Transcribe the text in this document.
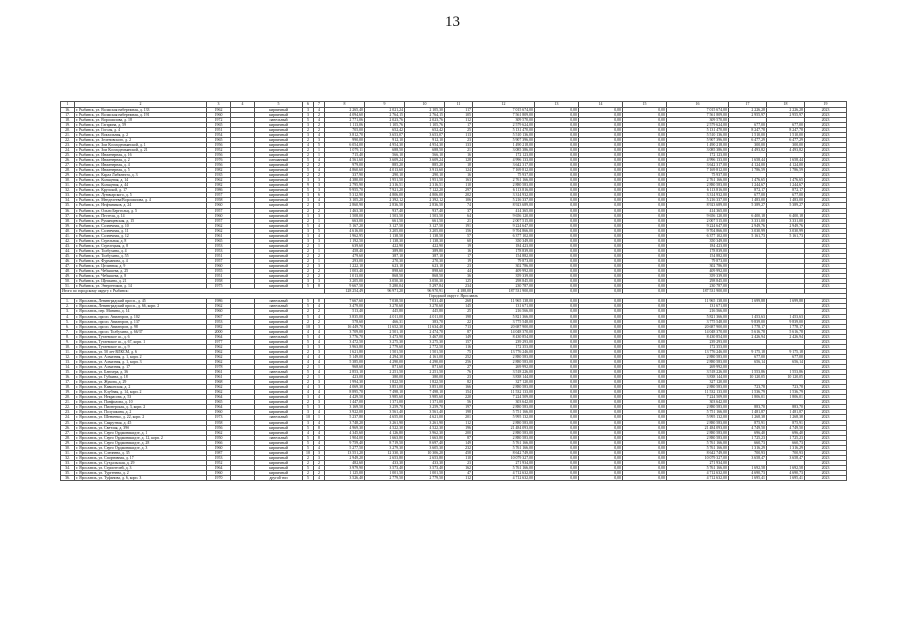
13
1	2	3	4	5	6	7	8	9	10	11	12	13	14	15	16	17	18	19
16.	г. Рыбинск, ул. Волжская набережная, д. 133	1962		кирпичный	3	4	2 265,40	2 021,24	2 105,30	117	7 015 674,00	0,00	0,00	0,00	7 015 674,00	2 226,28	2 226,28	2023
17.	г. Рыбинск, ул. Волжская набережная, д. 191	1960		кирпичный	3	2	4 094,60	2 764,15	2 764,15	105	7 561 809,00	0,00	0,00	0,00	7 561 809,00	2 955,97	2 955,97	2023
18.	г. Рыбинск, ул. Ворошилова, д. 18	1972		панельный	5	4	2 771,06	2 023,76	2 023,76	112	309 570,00	0,00	0,00	0,00	309 570,00			2023
19.	г. Рыбинск, ул. Гагарина, д. 59	1965		кирпичный	3	2	1 113,06	1 105,76	1 105,76	17	2 579 624,00	0,00	0,00	0,00	2 579 624,00	677,00	677,00	2023
20.	г. Рыбинск, ул. Гоголя, д. 4	1951		кирпичный	2	2	705,00	652,42	652,42	25	5 131 470,00	0,00	0,00	0,00	5 131 470,00	8 247,78	8 247,78	2023
21.	г. Рыбинск, ул. Вокзальная, д. 2	1954		кирпичный	3	4	3 812,70	3 653,07	3 653,07	113	5 510 136,00	0,00	0,00	0,00	5 510 136,00	1 510,00	1 510,00	2023
22.	г. Рыбинск, ул. Зеленовского, д. 2	1965		кирпичный	2	3	990,00	912,10	912,10	23	5 907 396,00	0,00	0,00	0,00	5 907 396,00	6 477,29	6 477,29	2023
23.	г. Рыбинск, ул. Зои Космодемьянской, д. 1	1956		кирпичный	4	5	6 054,00	4 954,30	4 954,30	133	1 490 218,00	0,00	0,00	0,00	1 490 218,00	300,00	300,00	2023
24.	г. Рыбинск, ул. Зои Космодемьянской, д. 21	1952		кирпичный	2	1	1 079,11	688,50	688,50	21	3 085 386,00	0,00	0,00	0,00	3 085 386,00	4 493,82	4 493,82	2023
25.	г. Рыбинск, ул. Инженерная, д. 16	1956		кирпичный	2	1	715,40	566,10	566,10	16	172 123,00	0,00	0,00	0,00	172 123,00			2023
26.	г. Рыбинск, ул. Инженерная, д. 2	1976		смешанный	5	4	4 561,60	3 609,24	3 609,24	128	4 996 133,00	0,00	0,00	0,00	4 996 133,00	1 658,44	1 658,44	2023
27.	г. Рыбинск, ул. Инженерная, д. 4	1956		кирпичный	2	2	979,00	885,20	885,20	18	3 642 317,00	0,00	0,00	0,00	3 642 317,00	4 124,00	4 124,00	2023
28.	г. Рыбинск, ул. Инженерная, д. 5	1982		кирпичный	5	4	4 860,60	4 013,60	3 913,60	124	7 169 812,00	0,00	0,00	0,00	7 169 812,00	1 786,59	1 786,59	2023
29.	г. Рыбинск, ул. Карла Либкнехта, д. 3	1935		кирпичный	2	2	337,90	290,10	290,10	16	75 937,00	0,00	0,00	0,00	75 937,00			2023
30.	г. Рыбинск, ул. Кольцевая, д. 14	1962		кирпичный	3	3	4 380,00	1 951,50	1 951,50	163	2 761 166,00	0,00	0,00	0,00	2 761 166,00	1 476,65	1 476,65	2023
31.	г. Рыбинск, ул. Кольцевая, д. 44	1982		кирпичный	9	3	2 795,90	2 316,51	2 316,51	110	2 880 583,00	0,00	0,00	0,00	2 880 583,00	1 244,67	1 244,67	2023
32.	г. Рыбинск, ул. Крупской, д. 17	1986		кирпичный	5	3	9 955,70	7 921,20	7 122,20	297	6 113 816,00	0,00	0,00	0,00	6 113 816,00	872,17	872,17	2023
33.	г. Рыбинск, ул. Луначарского, д. 5	1957		кирпичный	3	6	5 312,90	4 806,00	4 806,00	202	3 314 932,00	0,00	0,00	0,00	3 314 932,00	677,00	677,00	2023
34.	г. Рыбинск, ул. Менделеева/Ворошилова, д. 4	1958		кирпичный	3	4	3 105,20	2 392,12	2 392,12	106	5 216 337,00	0,00	0,00	0,00	5 216 337,00	1 483,00	1 483,00	2023
35.	г. Рыбинск, ул. Нефтяников, д. 24	1960		кирпичный	2	3	2 860,90	2 836,50	2 836,50	74	8 923 689,00	0,00	0,00	0,00	8 923 689,00	5 389,27	5 389,27	2023
36.	г. Рыбинск, ул. Ольги Берггольц, д. 5	1957		кирпичный	2	2	1 463,30	937,40	937,40	37	414 365,00	0,00	0,00	0,00	414 365,00			2023
37.	г. Рыбинск, ул. Пестеля, д. 14	1960		кирпичный	3	3	1 508,00	1 503,50	1 503,50	64	9 656 120,00	0,00	0,00	0,00	9 656 120,00	6 400,18	6 400,18	2023
38.	г. Рыбинск, ул. Румянцевская, д. 15	1957		кирпичный	2	1	663,00	661,50	661,50	21	2 007 515,00	0,00	0,00	0,00	2 007 515,00	3 331,00	3 331,00	2023
39.	г. Рыбинск, ул. Солнечная, д. 10	1962		кирпичный	5	4	5 167,20	3 127,50	3 127,50	191	9 224 647,00	0,00	0,00	0,00	9 224 647,00	2 949,76	2 949,76	2023
40.	г. Рыбинск, ул. Солнечная, д. 11	1962		кирпичный	3	5	4 616,00	3 205,00	3 205,00	156	9 704 866,00	0,00	0,00	0,00	9 704 866,00	3 030,99	3 030,99	2023
41.	г. Рыбинск, ул. Солнечная, д. 12	1961		кирпичный	3	4	1 962,95	1 138,50	1 138,50	57	6 377 102,00	0,00	0,00	0,00	6 377 102,00	5 161,73	5 161,73	2023
42.	г. Рыбинск, ул. Стрельная, д. 8	1965		кирпичный	3	3	1 192,50	1 138,30	1 138,30	60	350 349,00	0,00	0,00	0,00	350 349,00			2023
43.	г. Рыбинск, ул. Стрелецкая, д. 8	1953		кирпичный	2	1	639,60	422,90	422,90	19	184 423,00	0,00	0,00	0,00	184 423,00			2023
44.	г. Рыбинск, ул. Толбухина, д. 4	1953		кирпичный	2	1	458,40	389,80	389,80	16	178 839,00	0,00	0,00	0,00	178 839,00			2023
45.	г. Рыбинск, ул. Толбухина, д. 55	1951		кирпичный	2	2	479,60	387,10	387,10	17	154 882,00	0,00	0,00	0,00	154 882,00			2023
46.	г. Рыбинск, ул. Фурманова, д. 4	1957		кирпичный	2	1	293,00	270,30	270,30	19	79 873,00	0,00	0,00	0,00	79 873,00			2023
47.	г. Рыбинск, ул. Целинная, д. 9	1960		кирпичный	2	3	1 222,10	623,10	623,10	23	302 786,00	0,00	0,00	0,00	302 786,00			2023
48.	г. Рыбинск, ул. Чебышева, д. 25	1955		кирпичный	2	2	1 003,40	898,60	898,60	44	409 992,00	0,00	0,00	0,00	409 992,00			2023
49.	г. Рыбинск, ул. Чебышева, д. 8	1951		кирпичный	2	2	1 013,00	868,50	868,50	36	359 339,00	0,00	0,00	0,00	359 339,00			2023
50.	г. Рыбинск, ул. Щепкина, д. 21	1958		кирпичный	3	3	3 205,00	3 050,30	3 050,30	125	298 845,00	0,00	0,00	0,00	298 845,00			2023
51.	г. Рыбинск, ул. Энергетиков, д. 14	1975		кирпичный	5	8	9 667,50	5 280,04	5 297,84	234	230 787,00	0,00	0,00	0,00	230 787,00			2023
Итого по городскому округу г. Рыбинск:							128 254,49	96 971,20	96 970,91	4 188,00	187 531 900,00	0,00	0,00	0,00	187 531 900,00			
Городской округ г. Ярославль																		
1.	г. Ярославль, Ленинградский просп., д. 45	1986		панельный	5	8	7 667,60	7 038,50	7 031,40	268	11 965 138,00	0,00	0,00	0,00	11 965 138,00	1 699,88	1 699,88	2023
2.	г. Ярославль, Ленинградский просп., д. 66, корп. 2	1962		панельный	5	4	3 479,00	3 270,60	3 270,60	145	131 671,00	0,00	0,00	0,00	131 671,00			2023
3.	г. Ярославль, пер. Минина, д. 14	1960		кирпичный	2	2	513,40	445,80	445,80	25	216 566,00	0,00	0,00	0,00	216 566,00			2023
4.	г. Ярославль, просп. Авиаторов, д. 102	1967		кирпичный	5	4	3 835,00	4 011,00	4 011,00	198	5 821 366,00	0,00	0,00	0,00	5 821 366,00	1 453,63	1 453,63	2023
5.	г. Ярославль, просп. Авиаторов, д. 137	1953		кирпичный	2	2	578,60	466,31	383,70	22	3 775 548,00	0,00	0,00	0,00	3 775 548,00	9 839,00	9 839,00	2023
6.	г. Ярославль, просп. Авиаторов, д. 98	1982		кирпичный	10	3	16 449,70	11 652,30	11 634,40	713	20 687 900,00	0,00	0,00	0,00	20 687 900,00	1 778,17	1 778,17	2023
7.	г. Ярославль, просп. Толбухина, д. 66/37	2000		кирпичный	4	4	3 709,00	2 501,10	2 474,70	87	14 048 370,00	0,00	0,00	0,00	14 048 370,00	5 616,78	5 616,78	2023
8.	г. Ярославль, Тутаевское ш., д. 6	1964		панельный	5	4	3 776,70	3 473,90	3 467,00	149	8 430 854,00	0,00	0,00	0,00	8 430 854,00	2 426,94	2 426,94	2023
9.	г. Ярославль, Тутаевское ш., д. 67, корп. 1	1977		кирпичный	5	4	3 472,50	3 275,30	3 275,30	157	239 293,00	0,00	0,00	0,00	239 293,00			2023
10.	г. Ярославль, Тутаевское ш., д. 9	1962		кирпичный	3	3	3 963,80	2 779,60	2 772,50	116	172 353,00	0,00	0,00	0,00	172 353,00			2023
11.	г. Ярославль, ул. 50 лет ВЛКСМ, д. 6	1962		кирпичный	2	3	1 621,80	1 501,50	1 501,50	75	13 776 246,00	0,00	0,00	0,00	13 776 246,00	9 175,18	9 175,18	2023
12.	г. Ярославль, ул. Алмазная, д. 1, корп. 2	1962		кирпичный	4	4	5 149,00	4 294,30	4 161,00	252	2 880 583,00	0,00	0,00	0,00	2 880 583,00	677,00	677,00	2023
13.	г. Ярославль, ул. Алмазная, д. 1, корп. 3	1962		кирпичный	4	4	5 385,00	4 290,00	4 290,00	256	2 880 583,00	0,00	0,00	0,00	2 880 583,00	656,14	656,14	2023
14.	г. Ярославль, ул. Алмазная, д. 17	1978		кирпичный	2	1	968,60	871,60	871,60	27	269 992,00	0,00	0,00	0,00	269 992,00			2023
15.	г. Ярославль, ул. Блюхера, д. 36	1961		панельный	5	4	2 853,10	2 251,50	2 251,50	76	3 518 226,00	0,00	0,00	0,00	3 518 226,00	1 553,86	1 553,86	2023
16.	г. Ярославль, ул. Губкина, д. 18	1961		кирпичный	2	1	423,00	380,00	380,00	23	3 838 144,00	0,00	0,00	0,00	3 838 144,00	10 120,05	10 120,05	2023
17.	г. Ярославль, ул. Жукова, д. 29	1968		кирпичный	2	3	1 994,30	1 822,50	1 822,50	82	327 120,00	0,00	0,00	0,00	327 120,00			2023
18.	г. Ярославль, ул. Кавказская, д. 2	1962		кирпичный	4	3	4 069,30	3 851,00	3 851,00	166	2 880 583,00	0,00	0,00	0,00	2 880 583,00	723,78	723,78	2023
19.	г. Ярославль, ул. Клубная, д. 14, корп. 2	1962		кирпичный	4	4	8 895,70	7 498,10	7 498,10	154	11 532 133,00	0,00	0,00	0,00	11 532 133,00	1 536,79	1 536,79	2023
20.	г. Ярославль, ул. Некрасова, д. 53	1964		кирпичный	3	4	4 429,50	3 985,60	3 985,60	220	7 224 509,00	0,00	0,00	0,00	7 224 509,00	1 806,01	1 806,01	2023
21.	г. Ярославль, ул. Панфилова, д. 10	1965		кирпичный	2	3	1 447,00	1 371,00	1 371,00	56	303 642,00	0,00	0,00	0,00	303 642,00			2023
22.	г. Ярославль, ул. Пионерская, д. 3, корп. 2	1964		кирпичный	5	3	3 169,50	3 259,70	3 259,70	197	2 880 583,00	0,00	0,00	0,00	2 880 583,00	883,70	883,70	2023
23.	г. Ярославль, ул. Полушкина, д. 2	1960		кирпичный	3	4	3 922,00	3 561,40	3 561,40	198	5 751 166,00	0,00	0,00	0,00	5 751 166,00	1 481,87	1 481,87	2023
24.	г. Ярославль, ул. Шевченко, д. 22, корп. 2	1973		панельный	10	1	5 237,80	4 655,00	4 621,00	201	5 995 132,00	0,00	0,00	0,00	5 995 132,00	1 268,38	1 268,38	2023
25.	г. Ярославль, ул. Сакрутная, д. 45	1958		кирпичный	3	4	3 748,20	3 261,90	3 261,90	112	2 880 583,00	0,00	0,00	0,00	2 880 583,00	875,91	875,91	2023
26.	г. Ярославль, ул. Светлая, д. 39б	1956		кирпичный	5	8	4 969,30	4 522,30	4 522,30	196	21 484 093,00	0,00	0,00	0,00	21 484 093,00	4 749,50	4 749,50	2023
27.	г. Ярославль, ул. Серго Орджоникидзе, д. 1	1962		кирпичный	4	4	4 345,60	4 126,80	3 962,30	200	2 880 583,00	0,00	0,00	0,00	2 880 583,00	696,40	696,40	2023
28.	г. Ярославль, ул. Серго Орджоникидзе, д. 12, корп. 2	1950		панельный	5	8	1 904,00	1 663,80	1 663,80	87	2 880 583,00	0,00	0,00	0,00	2 880 583,00	1 725,23	1 725,23	2023
29.	г. Ярославль, ул. Серго Орджоникидзе, д. 28	1966		кирпичный	5	4	9 759,40	8 719,50	8 697,40	149	5 761 166,00	0,00	0,00	0,00	5 761 166,00	660,73	660,73	2023
30.	г. Ярославль, ул. Серго Орджоникидзе, д. 3	1960		кирпичный	5	4	5 277,50	3 279,30	3 605,30	232	5 761 166,00	0,00	0,00	0,00	5 761 166,00	1 316,29	1 316,29	2023
31.	г. Ярославль, ул. Слепнева, д. 35	1987		кирпичный	10	3	13 551,20	12 330,10	10 306,20	458	8 642 749,00	0,00	0,00	0,00	8 642 749,00	700,93	700,93	2023
32.	г. Ярославль, ул. Спортивная, д. 17	1953		кирпичный	2	3	2 949,20	2 653,80	2 653,80	110	10 079 327,00	0,00	0,00	0,00	10 079 327,00	3 658,47	3 658,47	2023
33.	г. Ярославль, ул. Суздальская, д. 29	1952		кирпичный	2	2	482,60	433,30	433,30	23	271 934,00	0,00	0,00	0,00	271 934,00			2023
34.	г. Ярославль, ул. Строителей, д. 3	1964		кирпичный	5	4	3 979,90	3 573,40	3 573,40	162	5 761 166,00	0,00	0,00	0,00	5 761 166,00	1 692,58	1 692,58	2023
35.	г. Ярославль, ул. Тургенева, д. 2	1960		кирпичный	2	2	1 125,00	1 001,50	1 001,50	47	4 712 632,00	0,00	0,00	0,00	4 712 632,00	4 690,73	4 690,73	2023
36.	г. Ярославль, ул. Туфанова, д. 6, корп. 3	1970		другой тип	5	4	3 526,40	2 779,50	2 779,50	112	4 712 632,00	0,00	0,00	0,00	4 712 632,00	1 695,41	1 695,41	2023
